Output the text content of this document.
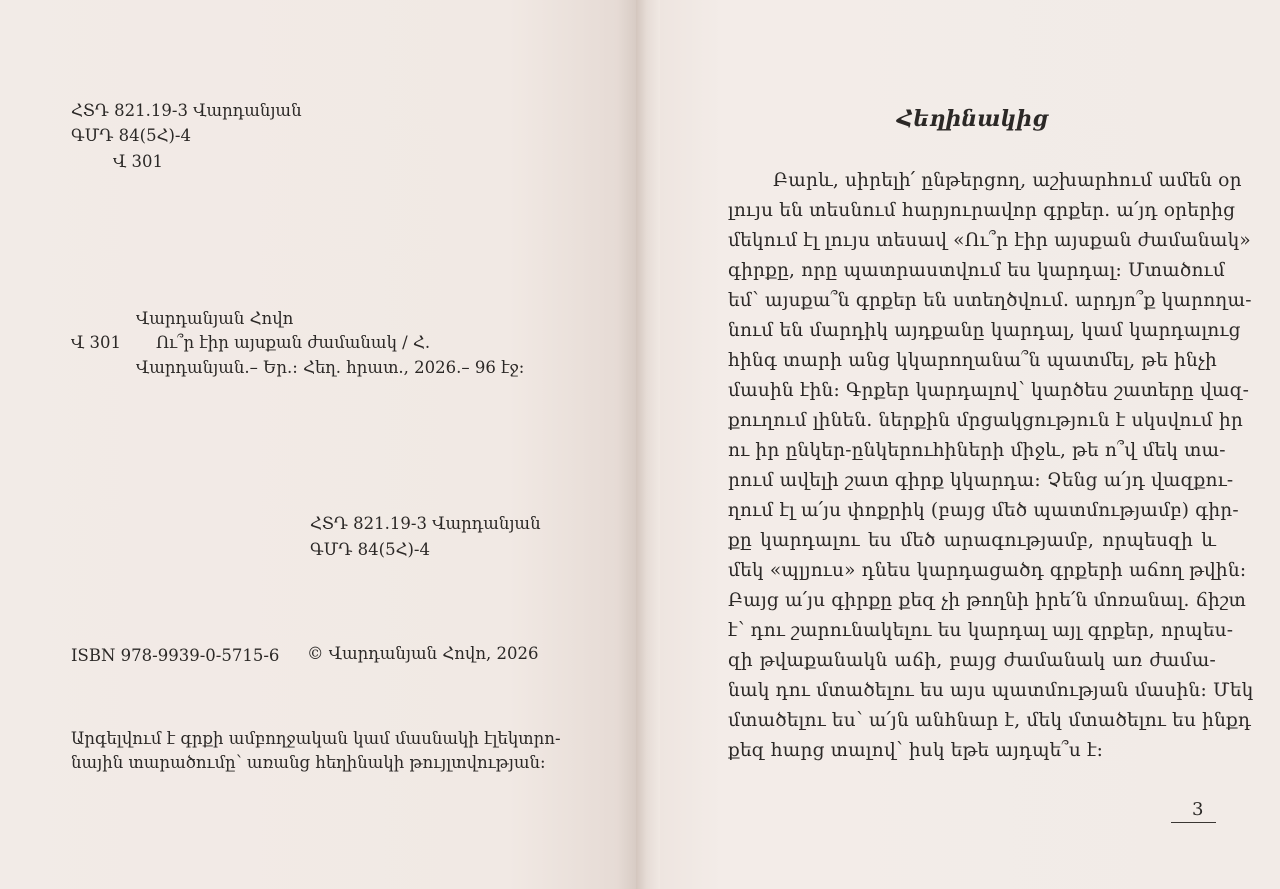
ՀՏԴ 821.19-3 Վարդանյան
ԳՄԴ 84(5Հ)-4
Վ 301
Վարդանյան Հովո
Վ 301 Ու՞ր էիր այսքան ժամանակ / Հ.
Վարդանյան.– Եր.: Հեղ. հրատ., 2026.– 96 էջ:
ՀՏԴ 821.19-3 Վարդանյան
ԳՄԴ 84(5Հ)-4
ISBN 978-9939-0-5715-6 © Վարդանյան Հովո, 2026
Արգելվում է գրքի ամբողջական կամ մասնակի էլեկտրո-
նային տարածումը՝ առանց հեղինակի թույլտվության:
Հեղինակից
Բարև, սիրելի՛ ընթերցող, աշխարհում ամեն օր
լույս են տեսնում հարյուրավոր գրքեր. ա՛յդ օրերից
մեկում էլ լույս տեսավ «Ու՞ր էիր այսքան ժամանակ»
գիրքը, որը պատրաստվում ես կարդալ: Մտածում
եմ՝ այսքա՞ն գրքեր են ստեղծվում. արդյո՞ք կարողա-
նում են մարդիկ այդքանը կարդալ, կամ կարդալուց
հինգ տարի անց կկարողանա՞ն պատմել, թե ինչի
մասին էին: Գրքեր կարդալով՝ կարծես շատերը վազ-
քուղում լինեն. ներքին մրցակցություն է սկսվում իր
ու իր ընկեր-ընկերուհիների միջև, թե ո՞վ մեկ տա-
րում ավելի շատ գիրք կկարդա: Չենց ա՛յդ վազքու-
ղում էլ ա՛յս փոքրիկ (բայց մեծ պատմությամբ) գիր-
քը կարդալու ես մեծ արագությամբ, որպեսզի և
մեկ «պլյուս» դնես կարդացածդ գրքերի աճող թվին:
Բայց ա՛յս գիրքը քեզ չի թողնի իրե՛ն մոռանալ. ճիշտ
է՝ դու շարունակելու ես կարդալ այլ գրքեր, որպես-
զի թվաքանակն աճի, բայց ժամանակ առ ժամա-
նակ դու մտածելու ես այս պատմության մասին: Մեկ
մտածելու ես՝ ա՛յն անհնար է, մեկ մտածելու ես ինքդ
քեզ հարց տալով՝ իսկ եթե այդպե՞ս է:
3
